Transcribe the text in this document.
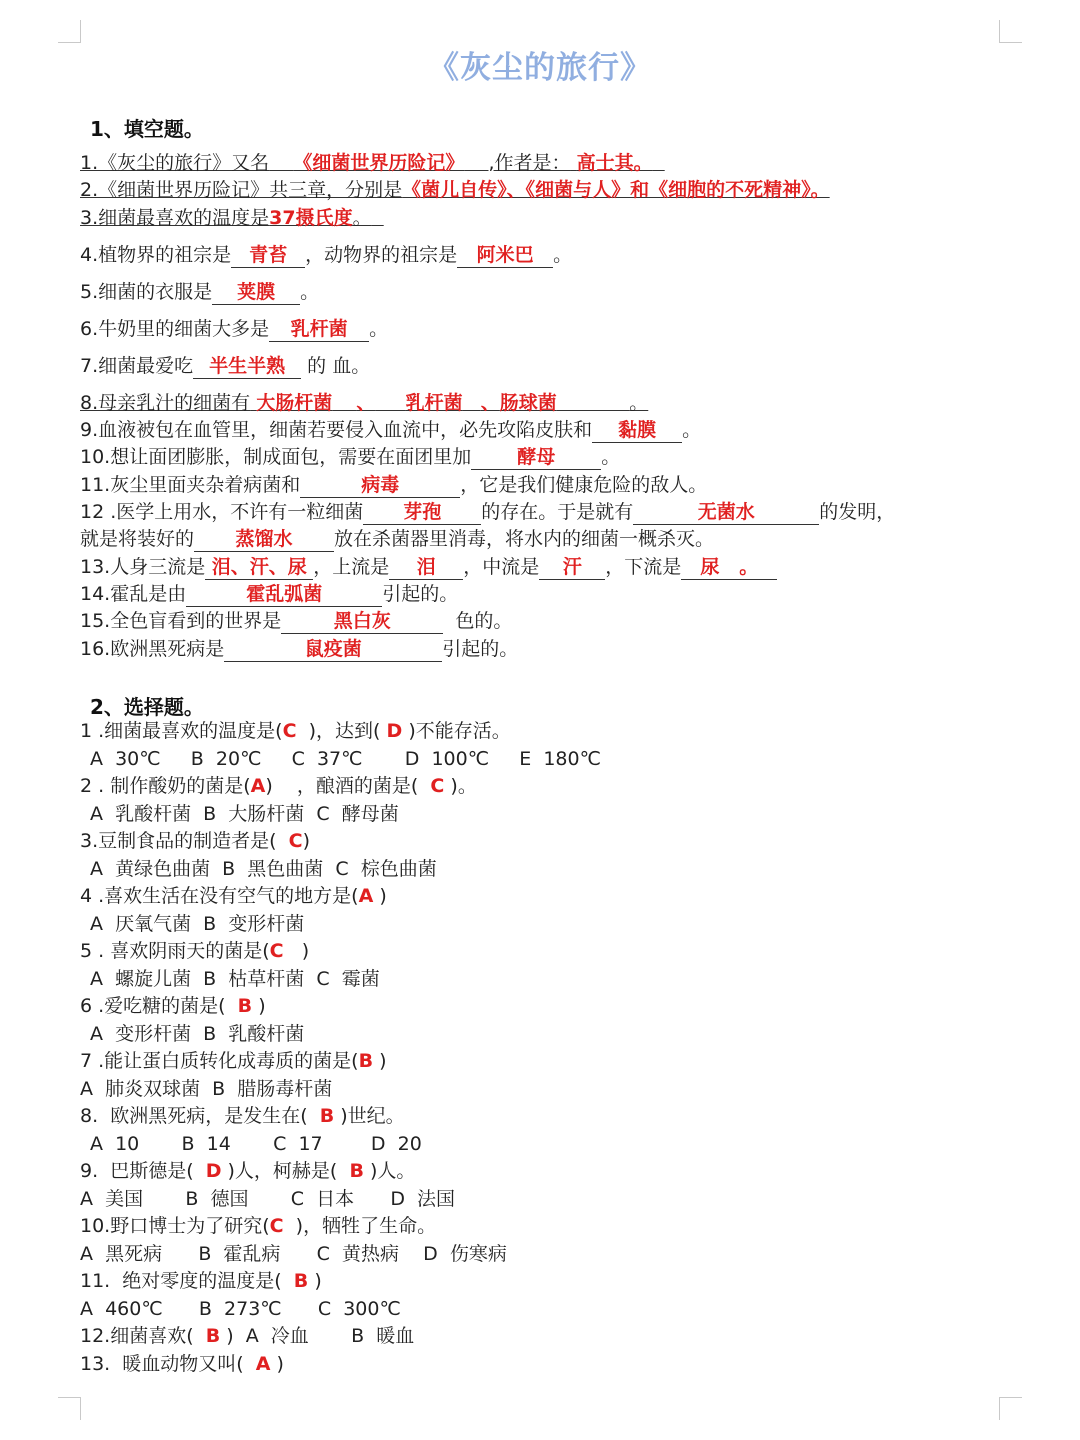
《灰尘的旅行》
1、填空题。
1.《灰尘的旅行》又名 《细菌世界历险记》 ,作者是： 高士其。
2.《细菌世界历险记》共三章，分别是《菌儿自传》、《细菌与人》和《细胞的不死精神》。
3.细菌最喜欢的温度是37摄氏度。
4.植物界的祖宗是 青苔 ，动物界的祖宗是 阿米巴 。
5.细菌的衣服是 荚膜 。
6.牛奶里的细菌大多是 乳杆菌 。
7.细菌最爱吃 半生半熟 的 血。
8.母亲乳汁的细菌有 大肠杆菌 、 乳杆菌 、肠球菌	。
9.血液被包在血管里，细菌若要侵入血流中，必先攻陷皮肤和 黏膜 。
10.想让面团膨胀，制成面包，需要在面团里加 酵母 。
11.灰尘里面夹杂着病菌和	病毒	，它是我们健康危险的敌人。
12 .医学上用水，不许有一粒细菌 芽孢 的存在。于是就有	无菌水	的发明，
就是将装好的 蒸馏水 放在杀菌器里消毒，将水内的细菌一概杀灭。
13.人身三流是 泪、汗、尿 ，上流是 泪 ，中流是 汗 ，下流是 尿 。
14.霍乱是由	霍乱弧菌	引起的。
15.全色盲看到的世界是	黑白灰	色的。
16.欧洲黑死病是	鼠疫菌	引起的。
2、选择题。
1 .细菌最喜欢的温度是(C  )，达到( D )不能存活。
A  30℃     B  20℃     C  37℃       D  100℃     E  180℃
2 . 制作酸奶的菌是(A)    ，酿酒的菌是( C )。
A  乳酸杆菌  B  大肠杆菌  C  酵母菌
3.豆制食品的制造者是(  C)
A  黄绿色曲菌  B  黑色曲菌  C  棕色曲菌
4 .喜欢生活在没有空气的地方是(A )
A  厌氧气菌  B  变形杆菌
5 . 喜欢阴雨天的菌是(C   )
A  螺旋儿菌  B  枯草杆菌  C  霉菌
6 .爱吃糖的菌是(  B )
A  变形杆菌  B  乳酸杆菌
7 .能让蛋白质转化成毒质的菌是(B )
A  肺炎双球菌  B  腊肠毒杆菌
8.  欧洲黑死病，是发生在(  B )世纪。
A  10       B  14       C  17        D  20
9.  巴斯德是(  D )人，柯赫是(  B )人。
A  美国       B  德国       C  日本      D  法国
10.野口博士为了研究(C  )，牺牲了生命。
A  黑死病      B  霍乱病      C  黄热病    D  伤寒病
11.  绝对零度的温度是(  B )
A  460℃      B  273℃      C  300℃
12.细菌喜欢(  B )  A  冷血       B  暖血
13.  暖血动物又叫(  A )
